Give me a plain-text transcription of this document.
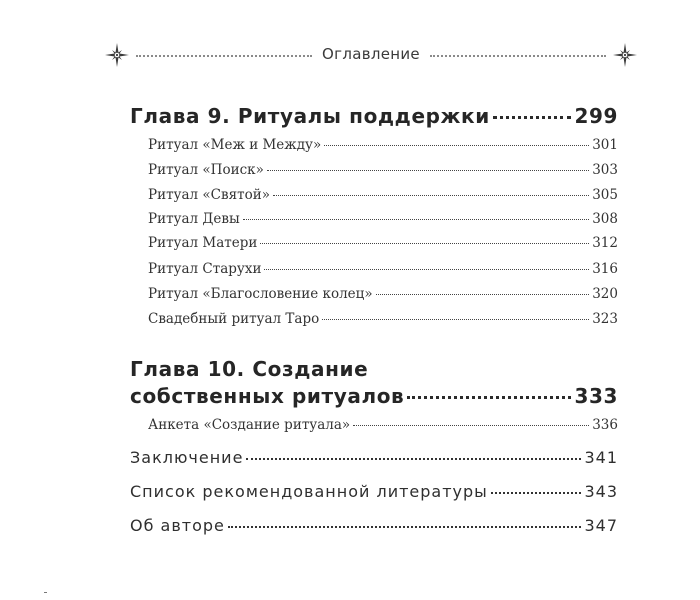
Оглавление
Глава 9. Ритуалы поддержки	299
Ритуал «Меж и Между»	301
Ритуал «Поиск»	303
Ритуал «Святой»	305
Ритуал Девы	308
Ритуал Матери	312
Ритуал Старухи	316
Ритуал «Благословение колец»	320
Свадебный ритуал Таро	323
Глава 10. Создание
собственных ритуалов	333
Анкета «Создание ритуала»	336
Заключение	341
Список рекомендованной литературы	343
Об авторе	347
